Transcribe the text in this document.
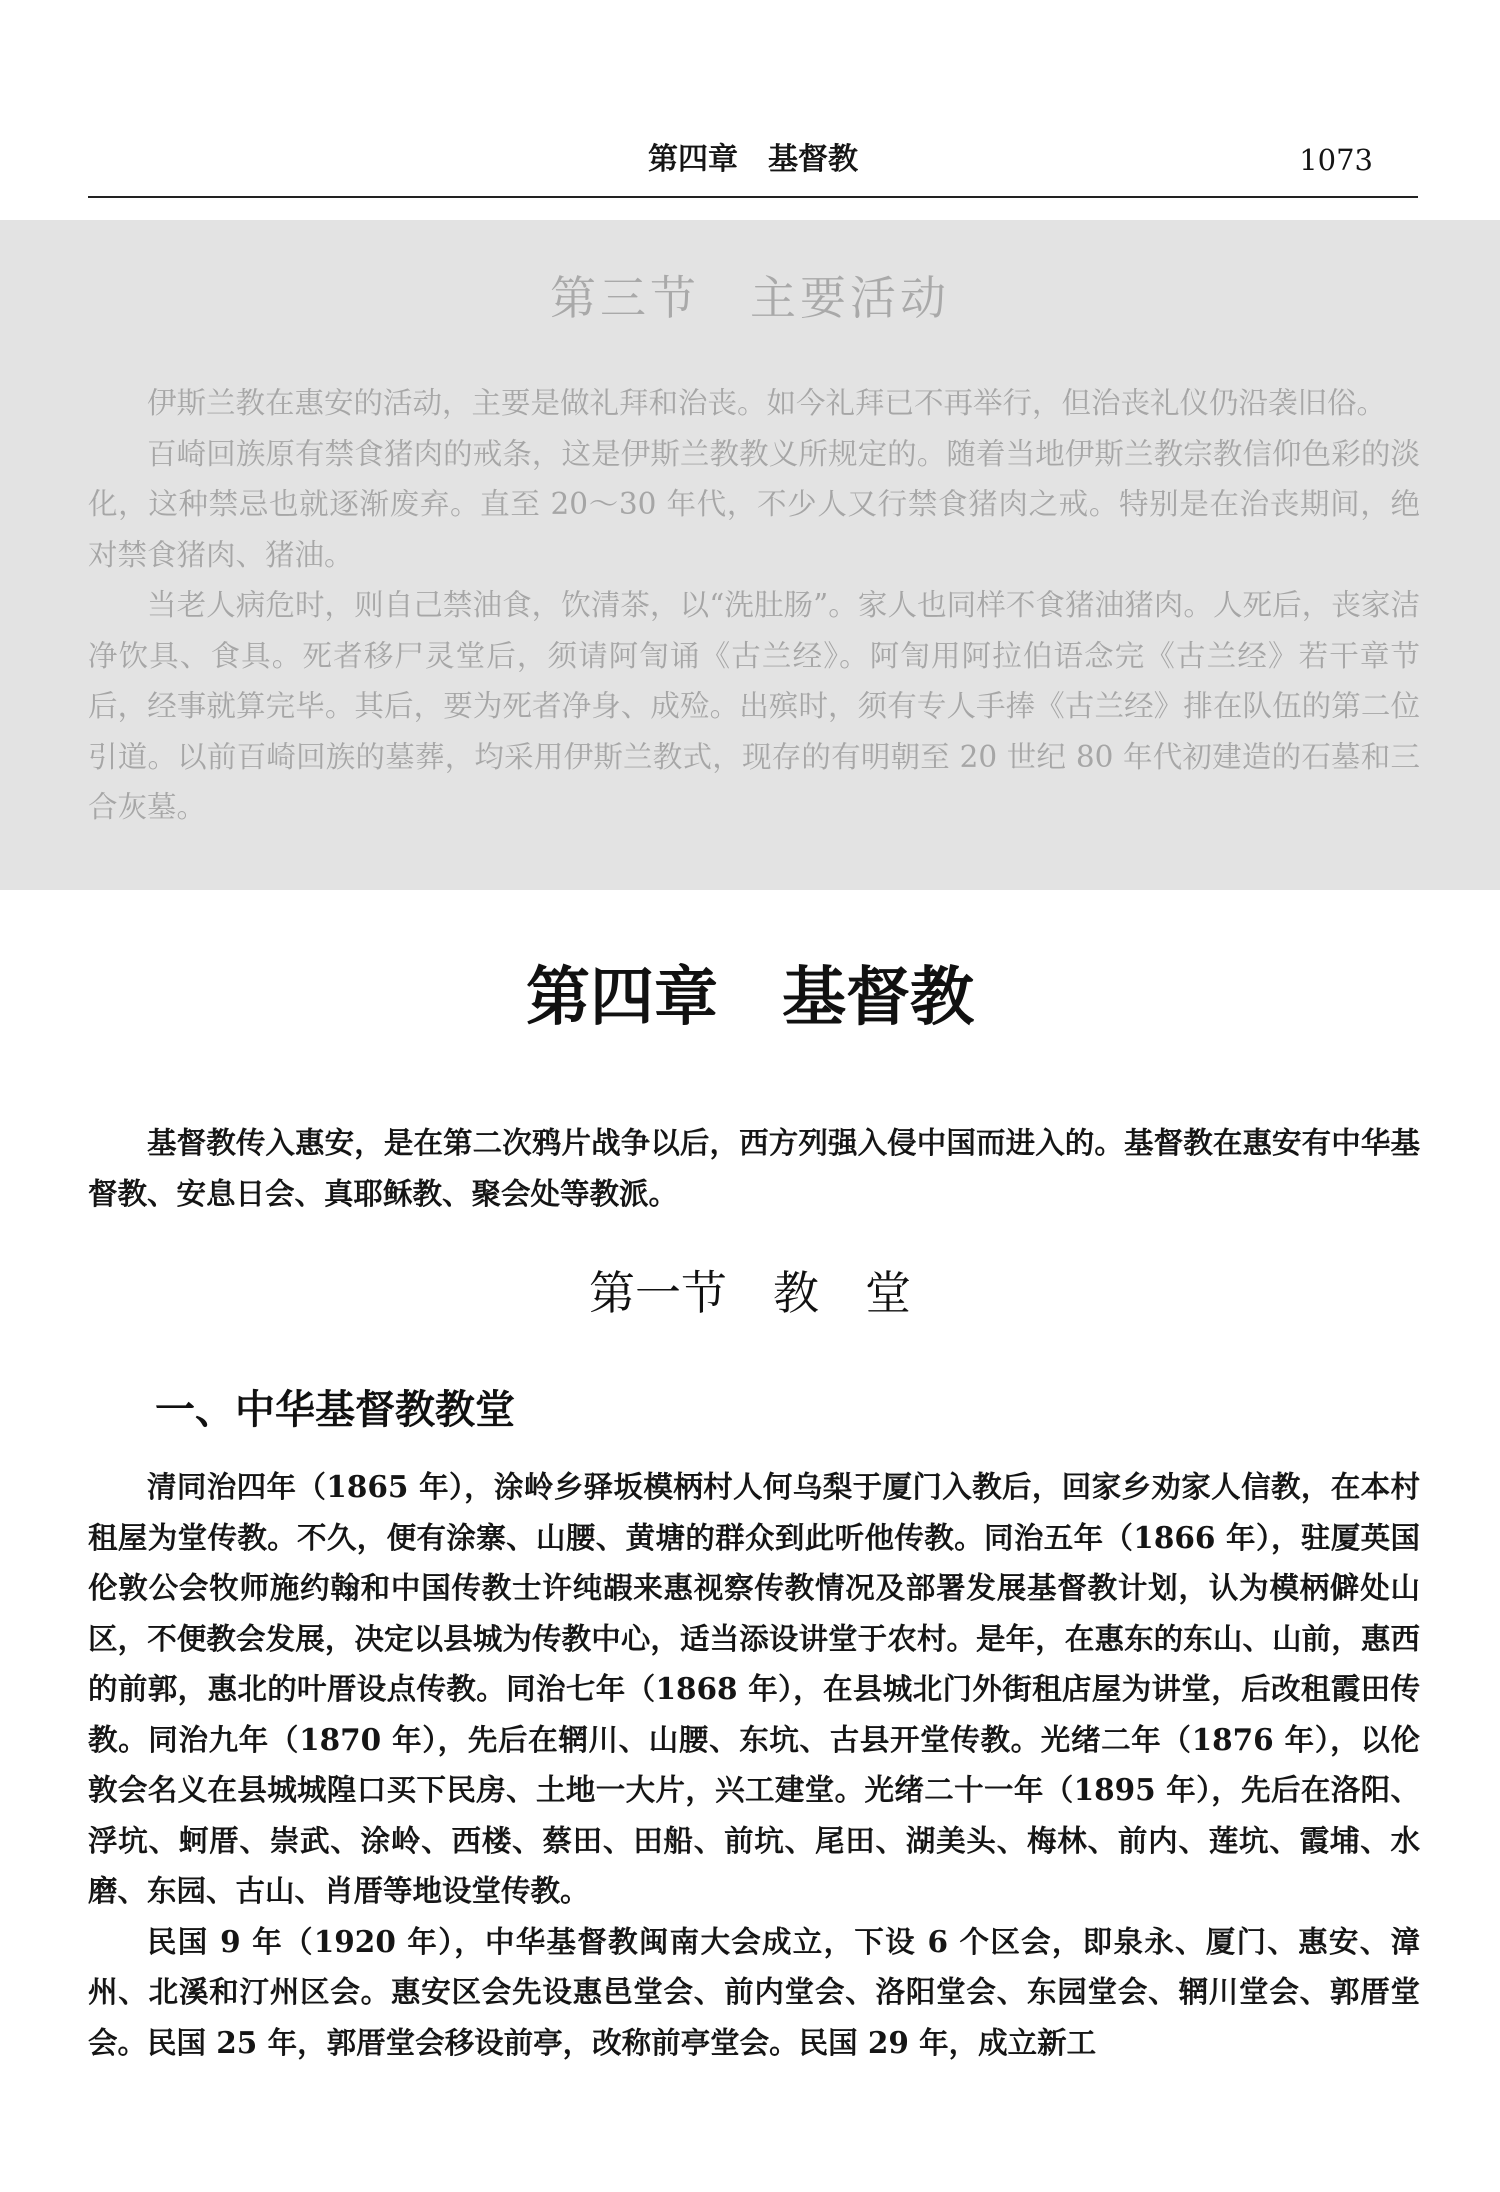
第四章　基督教	1073
第三节　主要活动

伊斯兰教在惠安的活动，主要是做礼拜和治丧。如今礼拜已不再举行，但治丧礼仪仍沿袭旧俗。

百崎回族原有禁食猪肉的戒条，这是伊斯兰教教义所规定的。随着当地伊斯兰教宗教信仰色彩的淡化，这种禁忌也就逐渐废弃。直至 20～30 年代，不少人又行禁食猪肉之戒。特别是在治丧期间，绝对禁食猪肉、猪油。

当老人病危时，则自己禁油食，饮清茶，以“洗肚肠”。家人也同样不食猪油猪肉。人死后，丧家洁净饮具、食具。死者移尸灵堂后，须请阿訇诵《古兰经》。阿訇用阿拉伯语念完《古兰经》若干章节后，经事就算完毕。其后，要为死者净身、成殓。出殡时，须有专人手捧《古兰经》排在队伍的第二位引道。以前百崎回族的墓葬，均采用伊斯兰教式，现存的有明朝至 20 世纪 80 年代初建造的石墓和三合灰墓。

第四章　基督教

基督教传入惠安，是在第二次鸦片战争以后，西方列强入侵中国而进入的。基督教在惠安有中华基督教、安息日会、真耶稣教、聚会处等教派。

第一节　教　堂
一、中华基督教教堂

清同治四年（1865 年），涂岭乡驿坂模柄村人何乌梨于厦门入教后，回家乡劝家人信教，在本村租屋为堂传教。不久，便有涂寨、山腰、黄塘的群众到此听他传教。同治五年（1866 年），驻厦英国伦敦公会牧师施约翰和中国传教士许纯嘏来惠视察传教情况及部署发展基督教计划，认为模柄僻处山区，不便教会发展，决定以县城为传教中心，适当添设讲堂于农村。是年，在惠东的东山、山前，惠西的前郭，惠北的叶厝设点传教。同治七年（1868 年），在县城北门外街租店屋为讲堂，后改租霞田传教。同治九年（1870 年），先后在辋川、山腰、东坑、古县开堂传教。光绪二年（1876 年），以伦敦会名义在县城城隍口买下民房、土地一大片，兴工建堂。光绪二十一年（1895 年），先后在洛阳、浮坑、蚵厝、崇武、涂岭、西楼、蔡田、田船、前坑、尾田、湖美头、梅林、前内、莲坑、霞埔、水磨、东园、古山、肖厝等地设堂传教。

民国 9 年（1920 年），中华基督教闽南大会成立，下设 6 个区会，即泉永、厦门、惠安、漳州、北溪和汀州区会。惠安区会先设惠邑堂会、前内堂会、洛阳堂会、东园堂会、辋川堂会、郭厝堂会。民国 25 年，郭厝堂会移设前亭，改称前亭堂会。民国 29 年，成立新工
